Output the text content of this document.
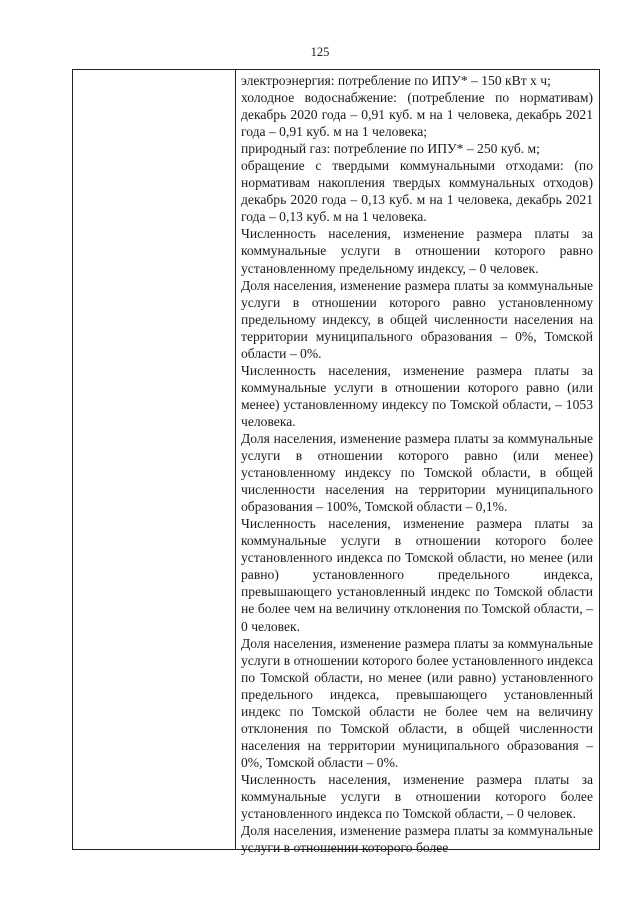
125

электроэнергия: потребление по ИПУ* – 150 кВт х ч;

холодное водоснабжение: (потребление по нормативам) декабрь 2020 года – 0,91 куб. м на 1 человека, декабрь 2021 года – 0,91 куб. м на 1 человека;

природный газ: потребление по ИПУ* – 250 куб. м;

обращение с твердыми коммунальными отходами: (по нормативам накопления твердых коммунальных отходов) декабрь 2020 года – 0,13 куб. м на 1 человека, декабрь 2021 года – 0,13 куб. м на 1 человека.

Численность населения, изменение размера платы за коммунальные услуги в отношении которого равно установленному предельному индексу, – 0 человек.

Доля населения, изменение размера платы за коммунальные услуги в отношении которого равно установленному предельному индексу, в общей численности населения на территории муниципального образования – 0%, Томской области – 0%.

Численность населения, изменение размера платы за коммунальные услуги в отношении которого равно (или менее) установленному индексу по Томской области, – 1053 человека.

Доля населения, изменение размера платы за коммунальные услуги в отношении которого равно (или менее) установленному индексу по Томской области, в общей численности населения на территории муниципального образования – 100%, Томской области – 0,1%.

Численность населения, изменение размера платы за коммунальные услуги в отношении которого более установленного индекса по Томской области, но менее (или равно) установленного предельного индекса, превышающего установленный индекс по Томской области не более чем на величину отклонения по Томской области, – 0 человек.

Доля населения, изменение размера платы за коммунальные услуги в отношении которого более установленного индекса по Томской области, но менее (или равно) установленного предельного индекса, превышающего установленный индекс по Томской области не более чем на величину отклонения по Томской области, в общей численности населения на территории муниципального образования – 0%, Томской области – 0%.

Численность населения, изменение размера платы за коммунальные услуги в отношении которого более установленного индекса по Томской области, – 0 человек.

Доля населения, изменение размера платы за коммунальные услуги в отношении которого более
